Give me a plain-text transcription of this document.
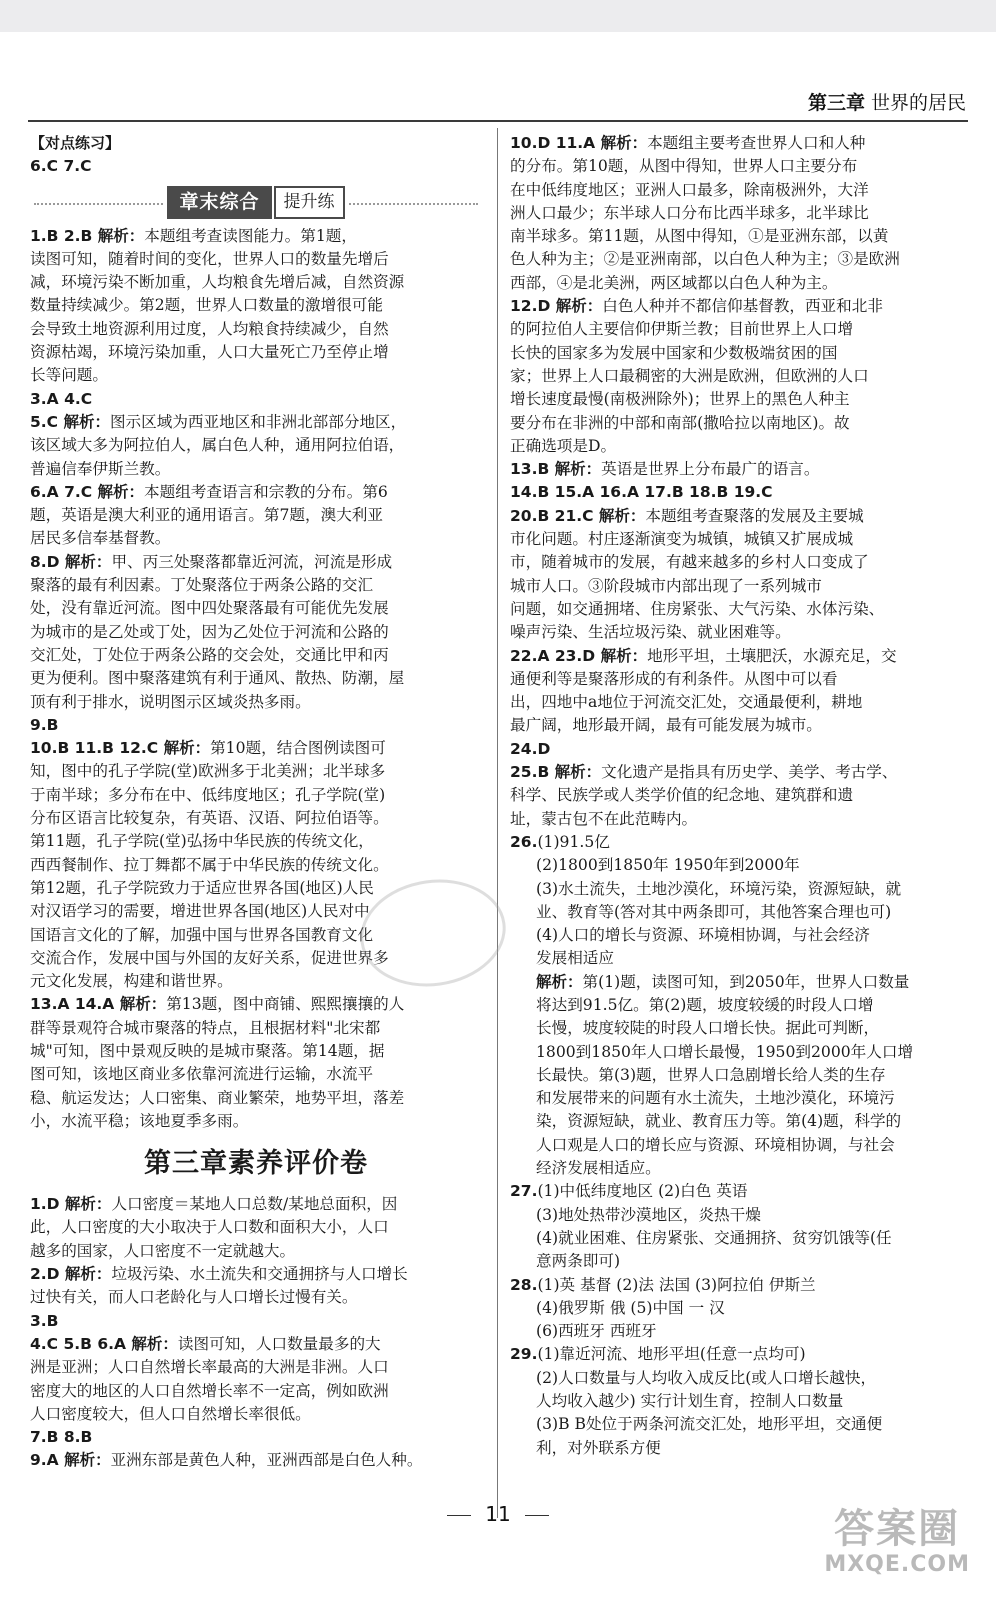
第三章 世界的居民
【对点练习】
6.C 7.C
章末综合	提升练
1.B 2.B 解析：本题组考查读图能力。第1题，
读图可知，随着时间的变化，世界人口的数量先增后
减，环境污染不断加重，人均粮食先增后减，自然资源
数量持续减少。第2题，世界人口数量的激增很可能
会导致土地资源利用过度，人均粮食持续减少，自然
资源枯竭，环境污染加重，人口大量死亡乃至停止增
长等问题。
3.A 4.C
5.C 解析：图示区域为西亚地区和非洲北部部分地区，
该区域大多为阿拉伯人，属白色人种，通用阿拉伯语，
普遍信奉伊斯兰教。
6.A 7.C 解析：本题组考查语言和宗教的分布。第6
题，英语是澳大利亚的通用语言。第7题，澳大利亚
居民多信奉基督教。
8.D 解析：甲、丙三处聚落都靠近河流，河流是形成
聚落的最有利因素。丁处聚落位于两条公路的交汇
处，没有靠近河流。图中四处聚落最有可能优先发展
为城市的是乙处或丁处，因为乙处位于河流和公路的
交汇处，丁处位于两条公路的交会处，交通比甲和丙
更为便利。图中聚落建筑有利于通风、散热、防潮，屋
顶有利于排水，说明图示区域炎热多雨。
9.B
10.B 11.B 12.C 解析：第10题，结合图例读图可
知，图中的孔子学院(堂)欧洲多于北美洲；北半球多
于南半球；多分布在中、低纬度地区；孔子学院(堂)
分布区语言比较复杂，有英语、汉语、阿拉伯语等。
第11题，孔子学院(堂)弘扬中华民族的传统文化，
西西餐制作、拉丁舞都不属于中华民族的传统文化。
第12题，孔子学院致力于适应世界各国(地区)人民
对汉语学习的需要，增进世界各国(地区)人民对中
国语言文化的了解，加强中国与世界各国教育文化
交流合作，发展中国与外国的友好关系，促进世界多
元文化发展，构建和谐世界。
13.A 14.A 解析：第13题，图中商铺、熙熙攘攘的人
群等景观符合城市聚落的特点，且根据材料"北宋都
城"可知，图中景观反映的是城市聚落。第14题，据
图可知，该地区商业多依靠河流进行运输，水流平
稳、航运发达；人口密集、商业繁荣，地势平坦，落差
小，水流平稳；该地夏季多雨。
第三章素养评价卷
1.D 解析：人口密度＝某地人口总数/某地总面积，因
此，人口密度的大小取决于人口数和面积大小，人口
越多的国家，人口密度不一定就越大。
2.D 解析：垃圾污染、水土流失和交通拥挤与人口增长
过快有关，而人口老龄化与人口增长过慢有关。
3.B
4.C 5.B 6.A 解析：读图可知，人口数量最多的大
洲是亚洲；人口自然增长率最高的大洲是非洲。人口
密度大的地区的人口自然增长率不一定高，例如欧洲
人口密度较大，但人口自然增长率很低。
7.B 8.B
9.A 解析：亚洲东部是黄色人种，亚洲西部是白色人种。
10.D 11.A 解析：本题组主要考查世界人口和人种
的分布。第10题，从图中得知，世界人口主要分布
在中低纬度地区；亚洲人口最多，除南极洲外，大洋
洲人口最少；东半球人口分布比西半球多，北半球比
南半球多。第11题，从图中得知，①是亚洲东部，以黄
色人种为主；②是亚洲南部，以白色人种为主；③是欧洲
西部，④是北美洲，两区域都以白色人种为主。
12.D 解析：白色人种并不都信仰基督教，西亚和北非
的阿拉伯人主要信仰伊斯兰教；目前世界上人口增
长快的国家多为发展中国家和少数极端贫困的国
家；世界上人口最稠密的大洲是欧洲，但欧洲的人口
增长速度最慢(南极洲除外)；世界上的黑色人种主
要分布在非洲的中部和南部(撒哈拉以南地区)。故
正确选项是D。
13.B 解析：英语是世界上分布最广的语言。
14.B 15.A 16.A 17.B 18.B 19.C
20.B 21.C 解析：本题组考查聚落的发展及主要城
市化问题。村庄逐渐演变为城镇，城镇又扩展成城
市，随着城市的发展，有越来越多的乡村人口变成了
城市人口。③阶段城市内部出现了一系列城市
问题，如交通拥堵、住房紧张、大气污染、水体污染、
噪声污染、生活垃圾污染、就业困难等。
22.A 23.D 解析：地形平坦，土壤肥沃，水源充足，交
通便利等是聚落形成的有利条件。从图中可以看
出，四地中a地位于河流交汇处，交通最便利，耕地
最广阔，地形最开阔，最有可能发展为城市。
24.D
25.B 解析：文化遗产是指具有历史学、美学、考古学、
科学、民族学或人类学价值的纪念地、建筑群和遗
址，蒙古包不在此范畴内。
26.(1)91.5亿
(2)1800到1850年 1950年到2000年
(3)水土流失，土地沙漠化，环境污染，资源短缺，就
业、教育等(答对其中两条即可，其他答案合理也可)
(4)人口的增长与资源、环境相协调，与社会经济
发展相适应
解析：第(1)题，读图可知，到2050年，世界人口数量
将达到91.5亿。第(2)题，坡度较缓的时段人口增
长慢，坡度较陡的时段人口增长快。据此可判断，
1800到1850年人口增长最慢，1950到2000年人口增
长最快。第(3)题，世界人口急剧增长给人类的生存
和发展带来的问题有水土流失，土地沙漠化，环境污
染，资源短缺，就业、教育压力等。第(4)题，科学的
人口观是人口的增长应与资源、环境相协调，与社会
经济发展相适应。
27.(1)中低纬度地区 (2)白色 英语
(3)地处热带沙漠地区，炎热干燥
(4)就业困难、住房紧张、交通拥挤、贫穷饥饿等(任
意两条即可)
28.(1)英 基督 (2)法 法国 (3)阿拉伯 伊斯兰
(4)俄罗斯 俄 (5)中国 一 汉
(6)西班牙 西班牙
29.(1)靠近河流、地形平坦(任意一点均可)
(2)人口数量与人均收入成反比(或人口增长越快，
人均收入越少) 实行计划生育，控制人口数量
(3)B B处位于两条河流交汇处，地形平坦，交通便
利，对外联系方便
11	答案圈
MXQE.COM
